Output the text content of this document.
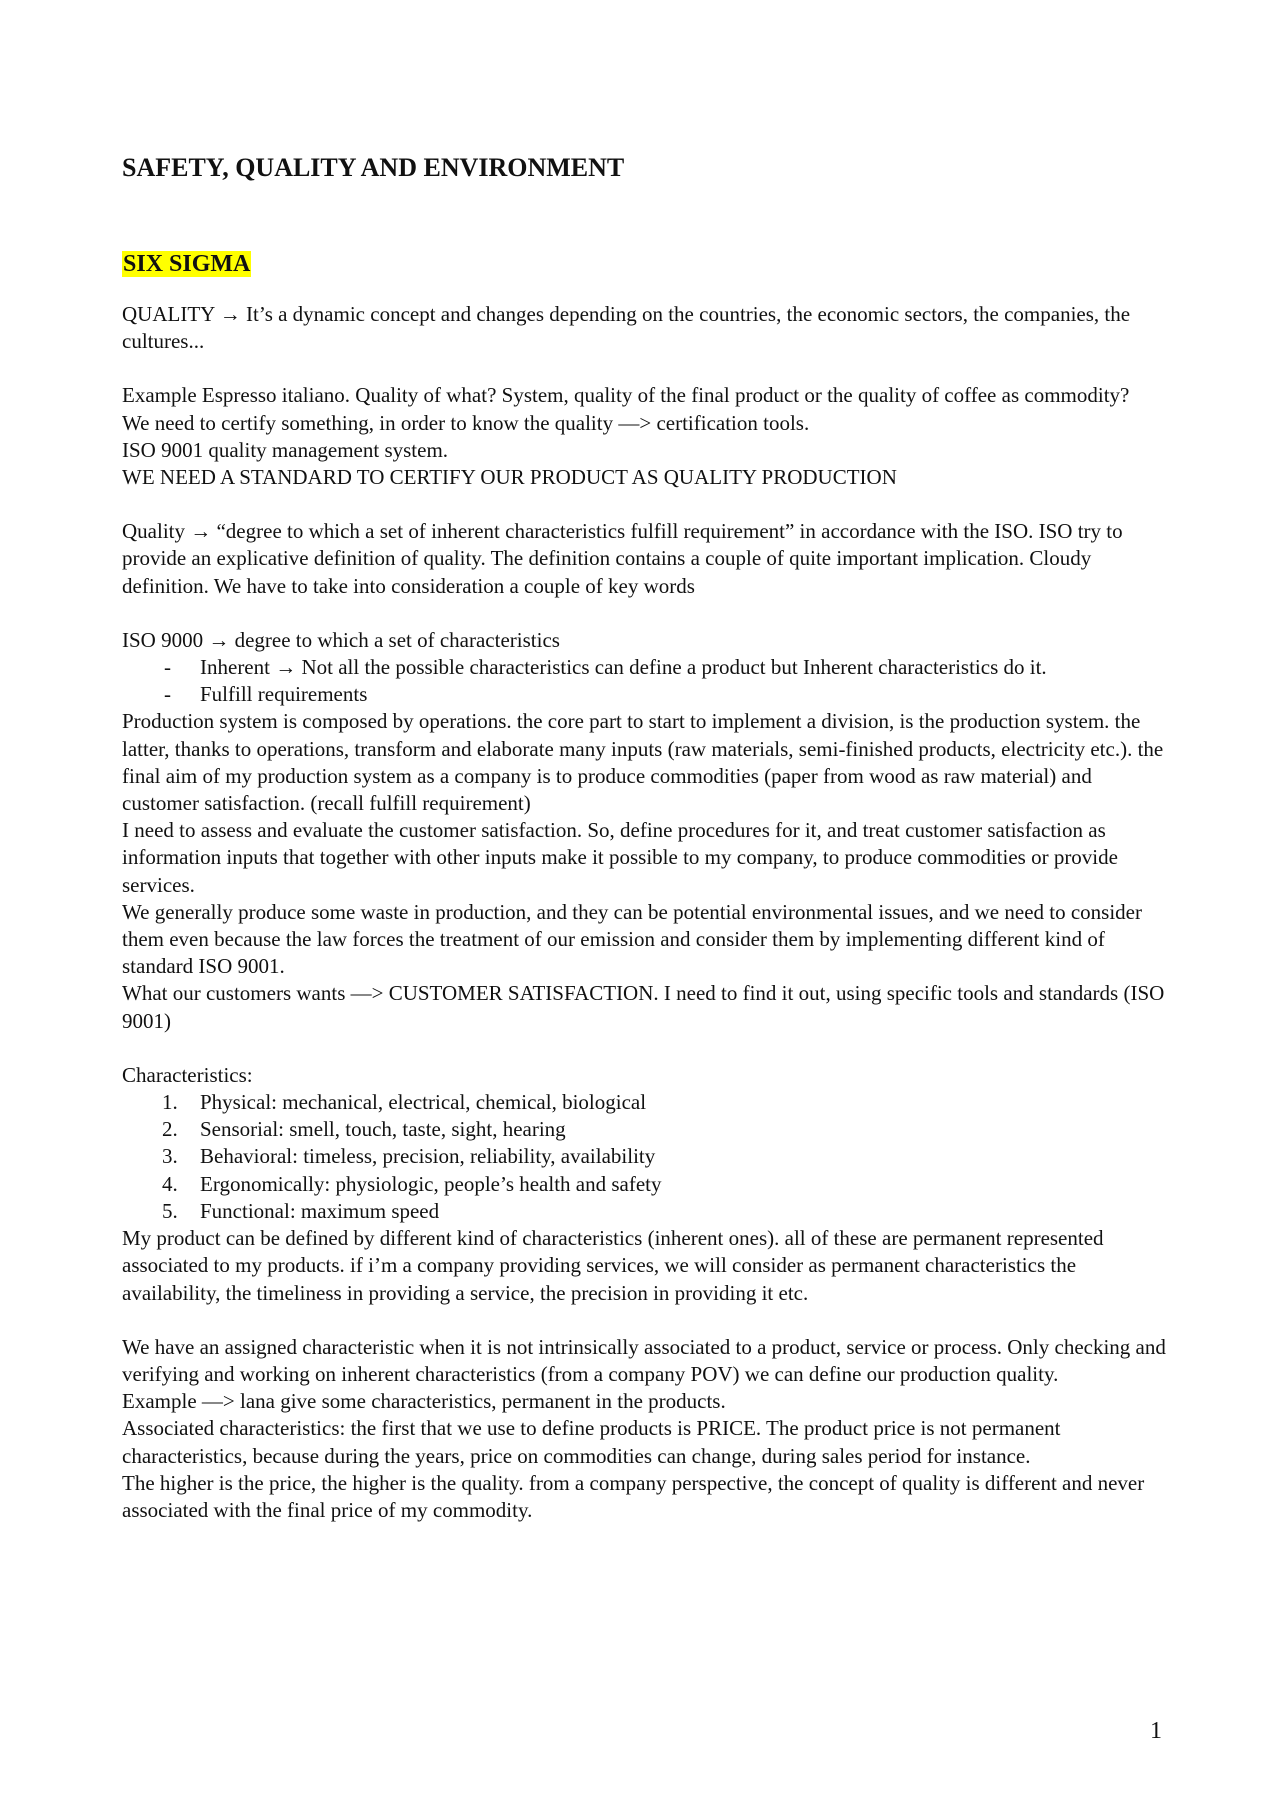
SAFETY, QUALITY AND ENVIRONMENT
SIX SIGMA

QUALITY → It’s a dynamic concept and changes depending on the countries, the economic sectors, the companies, the cultures...

Example Espresso italiano. Quality of what? System, quality of the final product or the quality of coffee as commodity?

We need to certify something, in order to know the quality —> certification tools.

ISO 9001 quality management system.

WE NEED A STANDARD TO CERTIFY OUR PRODUCT AS QUALITY PRODUCTION

Quality → “degree to which a set of inherent characteristics fulfill requirement” in accordance with the ISO. ISO try to provide an explicative definition of quality. The definition contains a couple of quite important implication. Cloudy definition. We have to take into consideration a couple of key words

ISO 9000 → degree to which a set of characteristics

- Inherent → Not all the possible characteristics can define a product but Inherent characteristics do it.
- Fulfill requirements

Production system is composed by operations. the core part to start to implement a division, is the production system. the latter, thanks to operations, transform and elaborate many inputs (raw materials, semi-finished products, electricity etc.). the final aim of my production system as a company is to produce commodities (paper from wood as raw material) and customer satisfaction. (recall fulfill requirement)

I need to assess and evaluate the customer satisfaction. So, define procedures for it, and treat customer satisfaction as information inputs that together with other inputs make it possible to my company, to produce commodities or provide services.

We generally produce some waste in production, and they can be potential environmental issues, and we need to consider them even because the law forces the treatment of our emission and consider them by implementing different kind of standard ISO 9001.

What our customers wants —> CUSTOMER SATISFACTION. I need to find it out, using specific tools and standards (ISO 9001)

Characteristics:

1. Physical: mechanical, electrical, chemical, biological
2. Sensorial: smell, touch, taste, sight, hearing
3. Behavioral: timeless, precision, reliability, availability
4. Ergonomically: physiologic, people’s health and safety
5. Functional: maximum speed

My product can be defined by different kind of characteristics (inherent ones). all of these are permanent represented associated to my products. if i’m a company providing services, we will consider as permanent characteristics the availability, the timeliness in providing a service, the precision in providing it etc.

We have an assigned characteristic when it is not intrinsically associated to a product, service or process. Only checking and verifying and working on inherent characteristics (from a company POV) we can define our production quality.

Example —> lana give some characteristics, permanent in the products.

Associated characteristics: the first that we use to define products is PRICE. The product price is not permanent characteristics, because during the years, price on commodities can change, during sales period for instance.

The higher is the price, the higher is the quality. from a company perspective, the concept of quality is different and never associated with the final price of my commodity.

1
